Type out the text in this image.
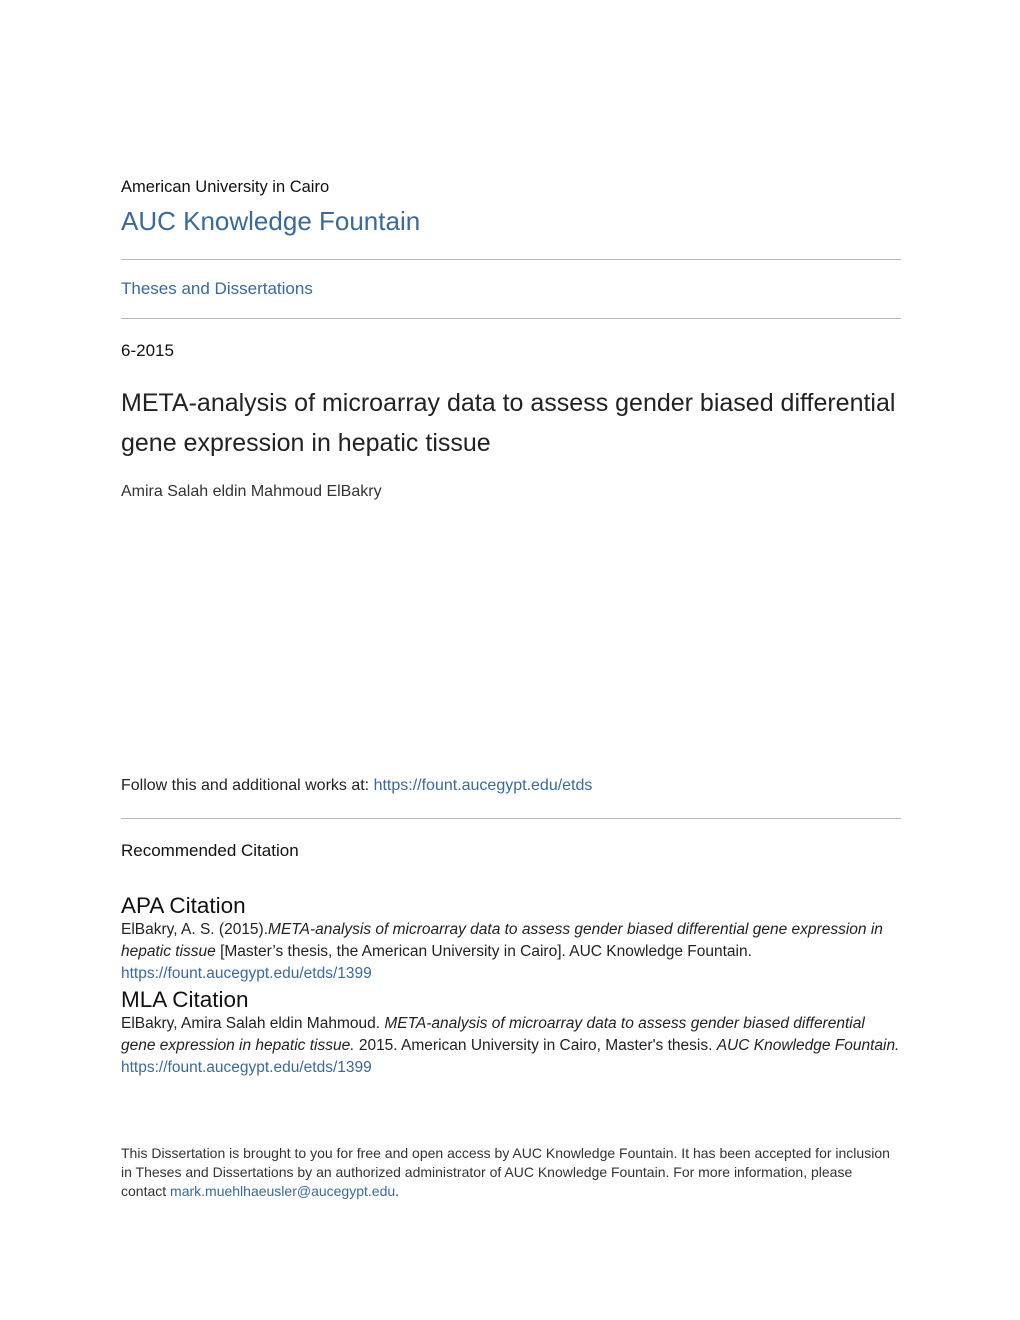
American University in Cairo
AUC Knowledge Fountain
Theses and Dissertations
6-2015
META-analysis of microarray data to assess gender biased differential gene expression in hepatic tissue
Amira Salah eldin Mahmoud ElBakry
Follow this and additional works at: https://fount.aucegypt.edu/etds
Recommended Citation
APA Citation
ElBakry, A. S. (2015).META-analysis of microarray data to assess gender biased differential gene expression in hepatic tissue [Master’s thesis, the American University in Cairo]. AUC Knowledge Fountain.
https://fount.aucegypt.edu/etds/1399
MLA Citation
ElBakry, Amira Salah eldin Mahmoud. META-analysis of microarray data to assess gender biased differential gene expression in hepatic tissue. 2015. American University in Cairo, Master's thesis. AUC Knowledge Fountain.
https://fount.aucegypt.edu/etds/1399
This Dissertation is brought to you for free and open access by AUC Knowledge Fountain. It has been accepted for inclusion in Theses and Dissertations by an authorized administrator of AUC Knowledge Fountain. For more information, please contact mark.muehlhaeusler@aucegypt.edu.
